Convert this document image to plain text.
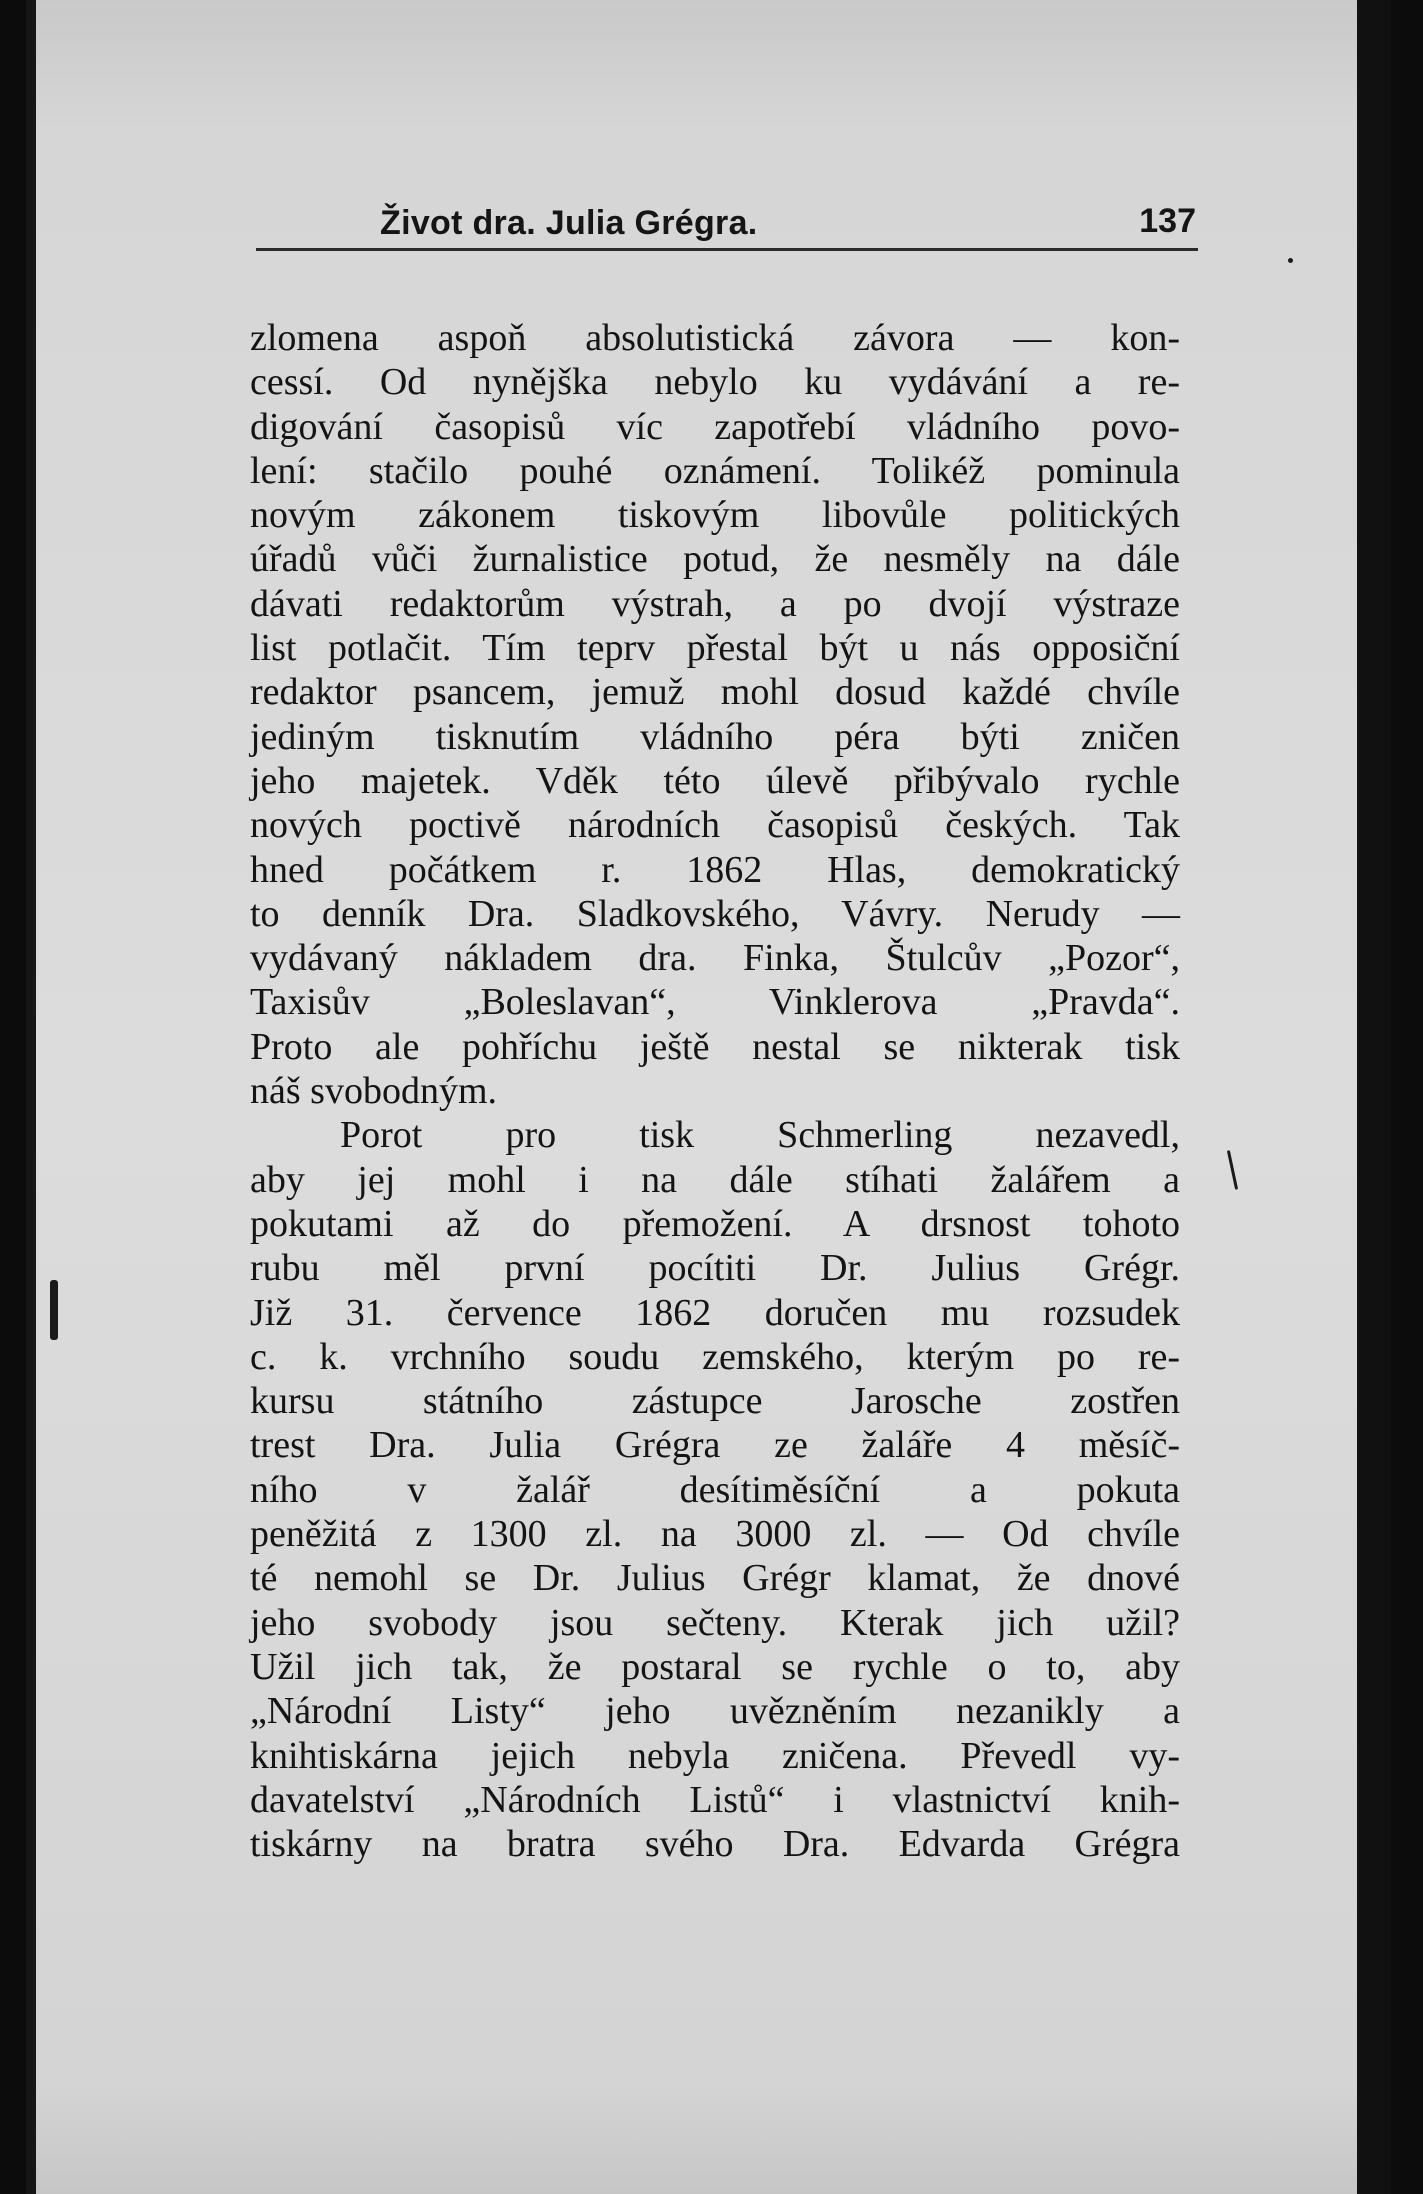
Život dra. Julia Grégra.	137
zlomena aspoň absolutistická závora — kon-
cessí. Od nynějška nebylo ku vydávání a re-
digování časopisů víc zapotřebí vládního povo-
lení: stačilo pouhé oznámení. Tolikéž pominula
novým zákonem tiskovým libovůle politických
úřadů vůči žurnalistice potud, že nesměly na dále
dávati redaktorům výstrah, a po dvojí výstraze
list potlačit. Tím teprv přestal být u nás opposiční
redaktor psancem, jemuž mohl dosud každé chvíle
jediným tisknutím vládního péra býti zničen
jeho majetek. Vděk této úlevě přibývalo rychle
nových poctivě národních časopisů českých. Tak
hned počátkem r. 1862 Hlas, demokratický
to denník Dra. Sladkovského, Vávry. Nerudy —
vydávaný nákladem dra. Finka, Štulcův „Pozor“,
Taxisův „Boleslavan“, Vinklerova „Pravda“.
Proto ale pohříchu ještě nestal se nikterak tisk
náš svobodným.
Porot pro tisk Schmerling nezavedl,
aby jej mohl i na dále stíhati žalářem a
pokutami až do přemožení. A drsnost tohoto
rubu měl první pocítiti Dr. Julius Grégr.
Již 31. července 1862 doručen mu rozsudek
c. k. vrchního soudu zemského, kterým po re-
kursu státního zástupce Jarosche zostřen
trest Dra. Julia Grégra ze žaláře 4 měsíč-
ního v žalář desítiměsíční a pokuta
peněžitá z 1300 zl. na 3000 zl. — Od chvíle
té nemohl se Dr. Julius Grégr klamat, že dnové
jeho svobody jsou sečteny. Kterak jich užil?
Užil jich tak, že postaral se rychle o to, aby
„Národní Listy“ jeho uvězněním nezanikly a
knihtiskárna jejich nebyla zničena. Převedl vy-
davatelství „Národních Listů“ i vlastnictví knih-
tiskárny na bratra svého Dra. Edvarda Grégra
